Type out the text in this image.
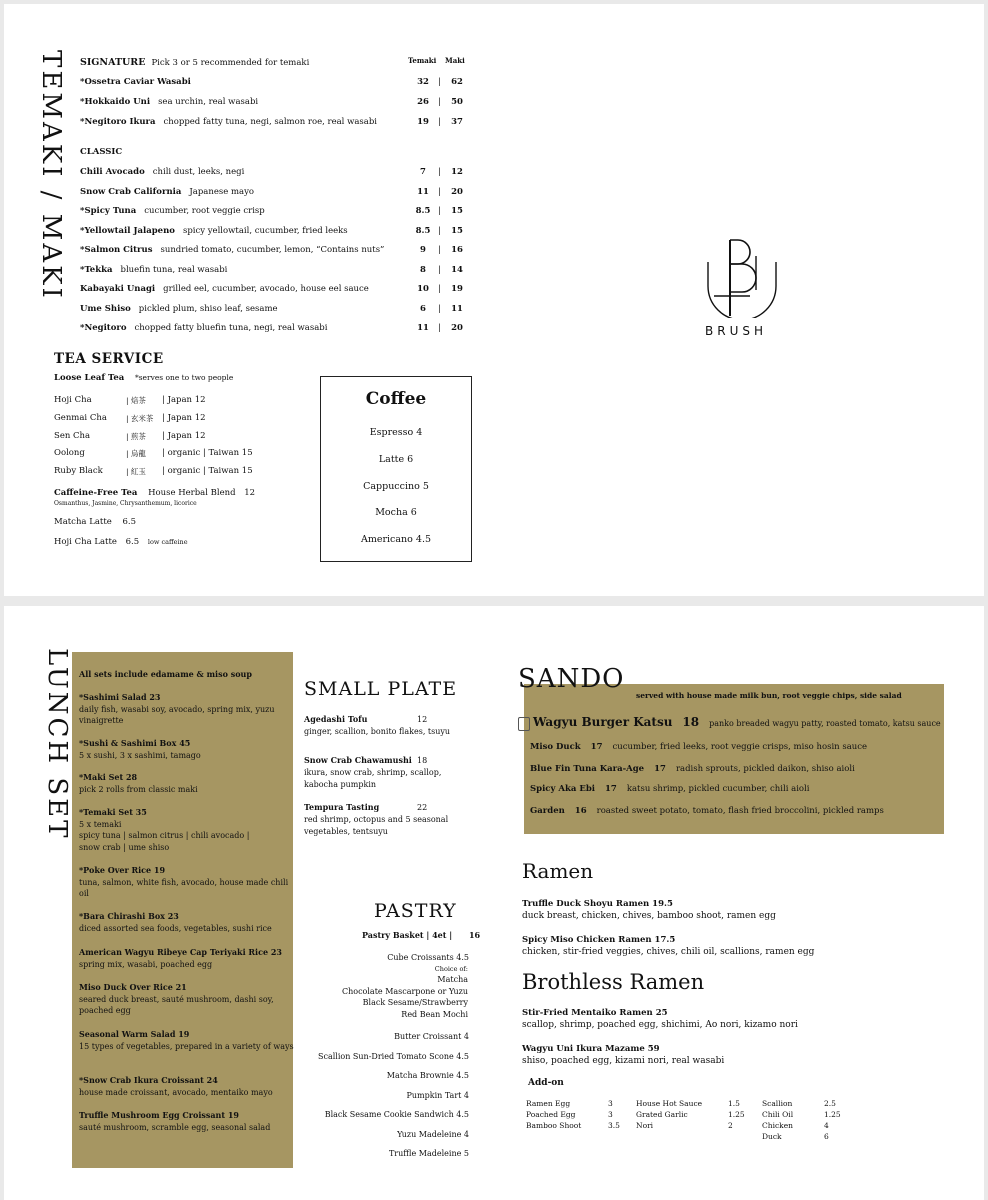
TEMAKI / MAKI	Temaki Maki
SIGNATURE Pick 3 or 5 recommended for temaki
*Ossetra Caviar Wasabi	32	|	62
*Hokkaido Uni sea urchin, real wasabi	26	|	50
*Negitoro Ikura chopped fatty tuna, negi, salmon roe, real wasabi	19	|	37
CLASSIC
Chili Avocado chili dust, leeks, negi	7	|	12
Snow Crab California Japanese mayo	11	|	20
*Spicy Tuna cucumber, root veggie crisp	8.5 |	15
*Yellowtail Jalapeno spicy yellowtail, cucumber, fried leeks	8.5 |	15
*Salmon Citrus sundried tomato, cucumber, lemon, “Contains nuts”	9	|	16
*Tekka bluefin tuna, real wasabi	8	|	14
Kabayaki Unagi grilled eel, cucumber, avocado, house eel sauce	10	|	19
Ume Shiso pickled plum, shiso leaf, sesame	6	|	11
*Negitoro chopped fatty bluefin tuna, negi, real wasabi	11	|	20
TEA SERVICE
Loose Leaf Tea *serves one to two people
Hoji Cha	| 焙茶 | Japan 12
Genmai Cha	| 玄米茶 | Japan 12
Sen Cha	| 煎茶 | Japan 12
Oolong	| 烏龍 | organic | Taiwan 15
Ruby Black	| 紅玉 | organic | Taiwan 15
Caffeine-Free Tea House Herbal Blend 12
Osmanthus, Jasmine, Chrysanthemum, licorice
Matcha Latte 6.5
Hoji Cha Latte 6.5 low caffeine
Coffee
Espresso 4
Latte 6
Cappuccino 5
Mocha 6
Americano 4.5
BRUSH
LUNCH SET All sets include edamame & miso soup
*Sashimi Salad 23
daily fish, wasabi soy, avocado, spring mix, yuzu vinaigrette
*Sushi & Sashimi Box 45
5 x sushi, 3 x sashimi, tamago
*Maki Set 28
pick 2 rolls from classic maki
*Temaki Set 35
5 x temaki
spicy tuna | salmon citrus | chili avocado |
snow crab | ume shiso
*Poke Over Rice 19
tuna, salmon, white fish, avocado, house made chili oil
*Bara Chirashi Box 23
diced assorted sea foods, vegetables, sushi rice
American Wagyu Ribeye Cap Teriyaki Rice 23
spring mix, wasabi, poached egg
Miso Duck Over Rice 21
seared duck breast, sauté mushroom, dashi soy, poached egg
Seasonal Warm Salad 19
15 types of vegetables, prepared in a variety of ways
*Snow Crab Ikura Croissant 24
house made croissant, avocado, mentaiko mayo
Truffle Mushroom Egg Croissant 19
sauté mushroom, scramble egg, seasonal salad
SMALL PLATE
Agedashi Tofu	12
ginger, scallion, bonito flakes, tsuyu
Snow Crab Chawamushi 18
ikura, snow crab, shrimp, scallop,
kabocha pumpkin
Tempura Tasting	22
red shrimp, octopus and 5 seasonal
vegetables, tentsuyu
PASTRY
Pastry Basket | 4et | 16
Cube Croissants 4.5
Choice of:
Matcha
Chocolate Mascarpone or Yuzu
Black Sesame/Strawberry
Red Bean Mochi
Butter Croissant 4
Scallion Sun-Dried Tomato Scone 4.5
Matcha Brownie 4.5
Pumpkin Tart 4
Black Sesame Cookie Sandwich 4.5
Yuzu Madeleine 4
Truffle Madeleine 5
SANDO
served with house made milk bun, root veggie chips, side salad
Wagyu Burger Katsu 18 panko breaded wagyu patty, roasted tomato, katsu sauce
Miso Duck 17 cucumber, fried leeks, root veggie crisps, miso hosin sauce
Blue Fin Tuna Kara-Age 17 radish sprouts, pickled daikon, shiso aioli
Spicy Aka Ebi 17 katsu shrimp, pickled cucumber, chili aioli
Garden 16 roasted sweet potato, tomato, flash fried broccolini, pickled ramps
Ramen
Truffle Duck Shoyu Ramen 19.5
duck breast, chicken, chives, bamboo shoot, ramen egg
Spicy Miso Chicken Ramen 17.5
chicken, stir-fried veggies, chives, chili oil, scallions, ramen egg
Brothless Ramen
Stir-Fried Mentaiko Ramen 25
scallop, shrimp, poached egg, shichimi, Ao nori, kizamo nori
Wagyu Uni Ikura Mazame 59
shiso, poached egg, kizami nori, real wasabi
Add-on
Ramen Egg	3	House Hot Sauce	1.5	Scallion	2.5
Poached Egg	3	Grated Garlic	1.25	Chili Oil	1.25
Bamboo Shoot	3.5	Nori	2	Chicken	4
				Duck	6
